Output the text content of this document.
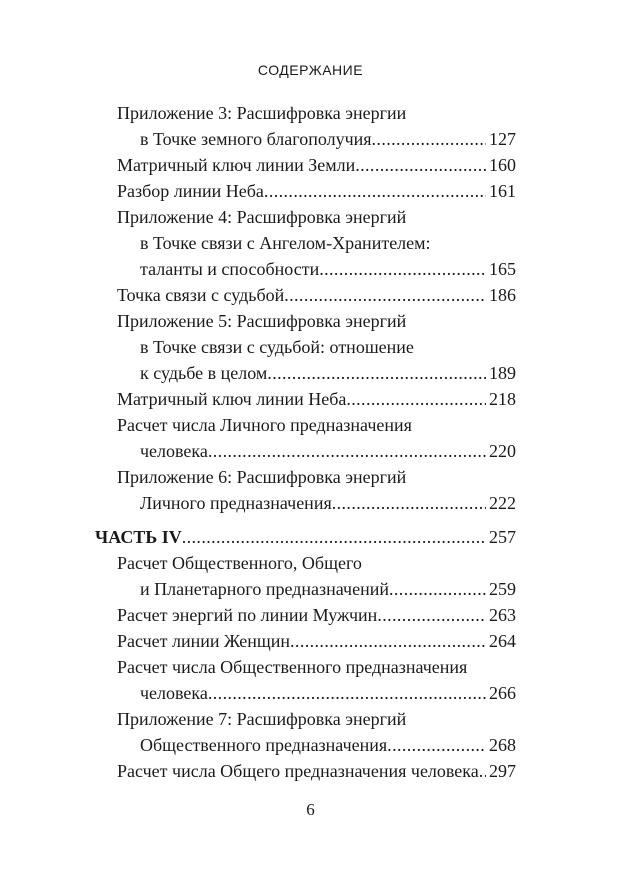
СОДЕРЖАНИЕ
Приложение 3: Расшифровка энергии
в Точке земного благополучия .....	127
Матричный ключ линии Земли .....	160
Разбор линии Неба .....	161
Приложение 4: Расшифровка энергий
в Точке связи с Ангелом-Хранителем:
таланты и способности .....	165
Точка связи с судьбой .....	186
Приложение 5: Расшифровка энергий
в Точке связи с судьбой: отношение
к судьбе в целом .....	189
Матричный ключ линии Неба .....	218
Расчет числа Личного предназначения
человека .....	220
Приложение 6: Расшифровка энергий
Личного предназначения .....	222
ЧАСТЬ IV .....	257
Расчет Общественного, Общего
и Планетарного предназначений .....	259
Расчет энергий по линии Мужчин .....	263
Расчет линии Женщин .....	264
Расчет числа Общественного предназначения
человека .....	266
Приложение 7: Расшифровка энергий
Общественного предназначения .....	268
Расчет числа Общего предназначения человека ..... 297
6
